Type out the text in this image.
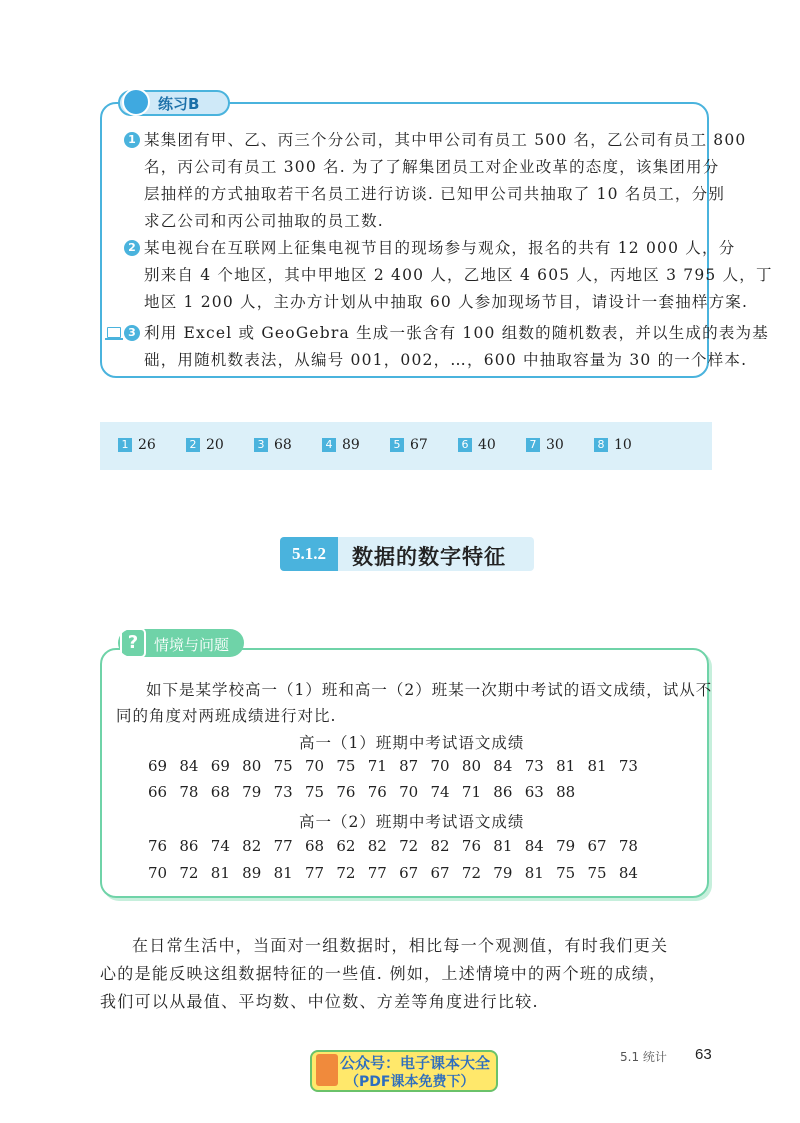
练习B
1 某集团有甲、乙、丙三个分公司，其中甲公司有员工 500 名，乙公司有员工 800
名，丙公司有员工 300 名. 为了了解集团员工对企业改革的态度，该集团用分
层抽样的方式抽取若干名员工进行访谈. 已知甲公司共抽取了 10 名员工，分别
求乙公司和丙公司抽取的员工数.
2 某电视台在互联网上征集电视节目的现场参与观众，报名的共有 12 000 人，分
别来自 4 个地区，其中甲地区 2 400 人，乙地区 4 605 人，丙地区 3 795 人，丁
地区 1 200 人，主办方计划从中抽取 60 人参加现场节目，请设计一套抽样方案.
3 利用 Excel 或 GeoGebra 生成一张含有 100 组数的随机数表，并以生成的表为基
础，用随机数表法，从编号 001，002，…，600 中抽取容量为 30 的一个样本.
1 26	2 20	3 68	4 89	5 67	6 40	7 30	8 10
5.1.2	数据的数字特征
?	情境与问题
如下是某学校高一（1）班和高一（2）班某一次期中考试的语文成绩，试从不
同的角度对两班成绩进行对比.
高一（1）班期中考试语文成绩
69 84 69 80 75 70 75 71 87 70 80 84 73 81 81 73
66 78 68 79 73 75 76 76 70 74 71 86 63 88
高一（2）班期中考试语文成绩
76 86 74 82 77 68 62 82 72 82 76 81 84 79 67 78
70 72 81 89 81 77 72 77 67 67 72 79 81 75 75 84
在日常生活中，当面对一组数据时，相比每一个观测值，有时我们更关
心的是能反映这组数据特征的一些值. 例如，上述情境中的两个班的成绩，
我们可以从最值、平均数、中位数、方差等角度进行比较.
公众号：电子课本大全
（PDF课本免费下）
5.1 统计 63
